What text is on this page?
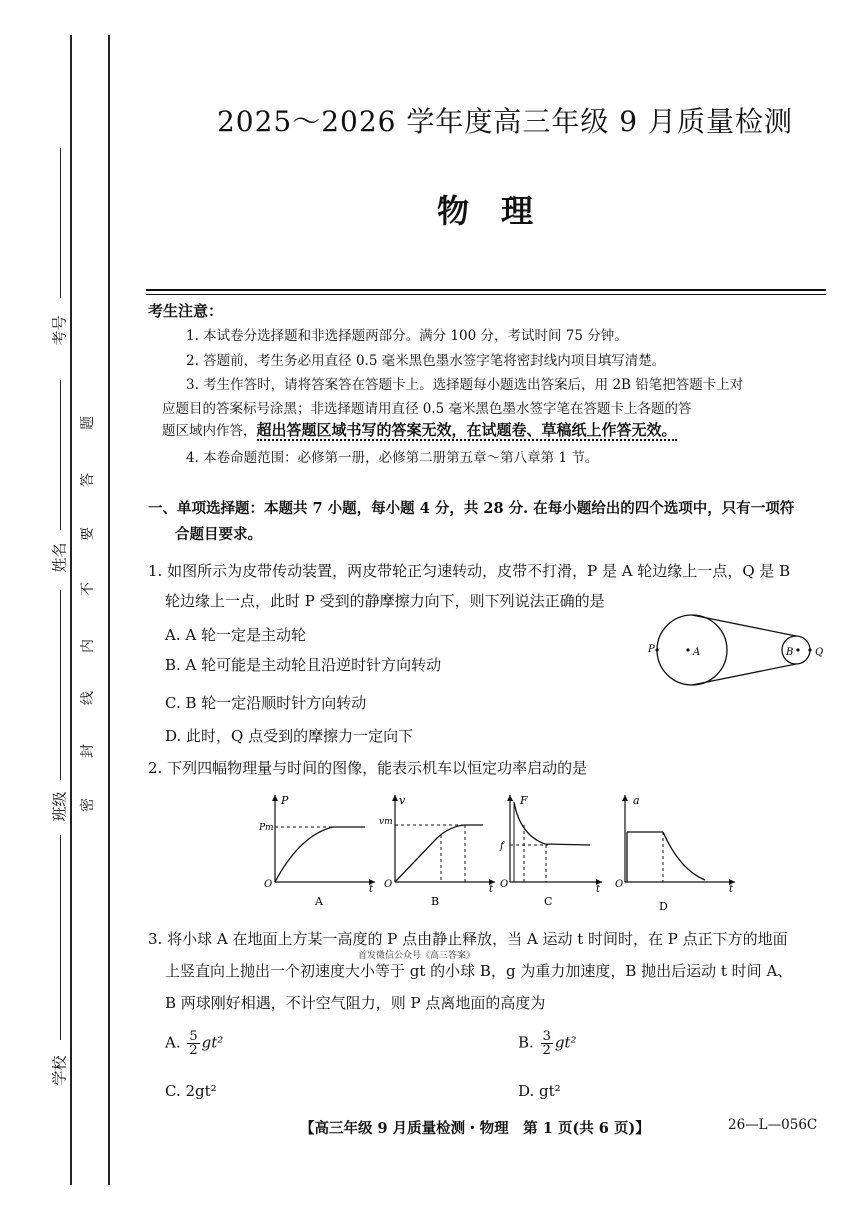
考号
姓名
班级
学校
题
答
要
不
内
线
封
密
2025～2026 学年度高三年级 9 月质量检测
物　理
考生注意：
1. 本试卷分选择题和非选择题两部分。满分 100 分，考试时间 75 分钟。
2. 答题前，考生务必用直径 0.5 毫米黑色墨水签字笔将密封线内项目填写清楚。
3. 考生作答时，请将答案答在答题卡上。选择题每小题选出答案后，用 2B 铅笔把答题卡上对
应题目的答案标号涂黑；非选择题请用直径 0.5 毫米黑色墨水签字笔在答题卡上各题的答
题区域内作答，超出答题区域书写的答案无效，在试题卷、草稿纸上作答无效。
4. 本卷命题范围：必修第一册，必修第二册第五章～第八章第 1 节。
一、单项选择题：本题共 7 小题，每小题 4 分，共 28 分. 在每小题给出的四个选项中，只有一项符
合题目要求。
1. 如图所示为皮带传动装置，两皮带轮正匀速转动，皮带不打滑，P 是 A 轮边缘上一点，Q 是 B
轮边缘上一点，此时 P 受到的静摩擦力向下，则下列说法正确的是
A. A 轮一定是主动轮
B. A 轮可能是主动轮且沿逆时针方向转动
C. B 轮一定沿顺时针方向转动
D. 此时，Q 点受到的摩擦力一定向下
P	A	B Q
2. 下列四幅物理量与时间的图像，能表示机车以恒定功率启动的是
P
Pm
O	t
A
v
vm
O	t
B
F
f
O	t
C
a
O	t
D
3. 将小球 A 在地面上方某一高度的 P 点由静止释放，当 A 运动 t 时间时，在 P 点正下方的地面
首发微信公众号《高三答案》
上竖直向上抛出一个初速度大小等于 gt 的小球 B，g 为重力加速度，B 抛出后运动 t 时间 A、
B 两球刚好相遇，不计空气阻力，则 P 点离地面的高度为
A. $\frac{5}{2} gt^2$	B. $\frac{3}{2} gt^2$
C. 2gt²	D. gt²
【高三年级 9 月质量检测・物理　第 1 页(共 6 页)】	26—L—056C
